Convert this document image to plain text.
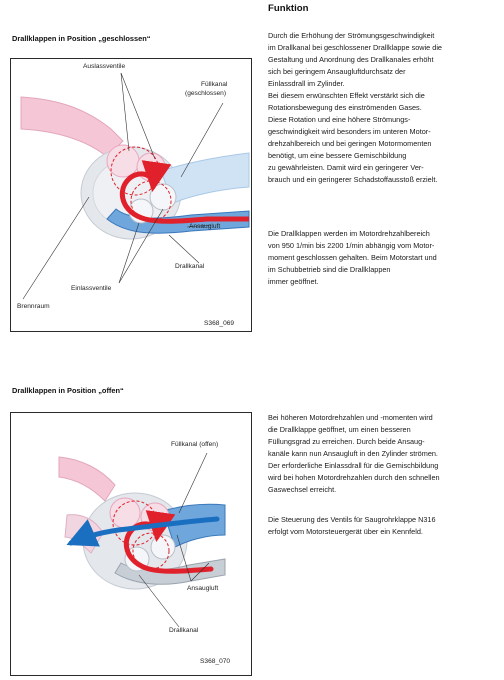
Funktion
Drallklappen in Position „geschlossen“
Auslassventile
Füllkanal
(geschlossen)
Ansaugluft
Drallkanal
Einlassventile
Brennraum
S368_069
Drallklappen in Position „offen“
Füllkanal (offen)
Ansaugluft
Drallkanal
S368_070
Durch die Erhöhung der Strömungsgeschwindigkeit
im Drallkanal bei geschlossener Drallklappe sowie die
Gestaltung und Anordnung des Drallkanales erhöht
sich bei geringem Ansaugluftdurchsatz der
Einlassdrall im Zylinder.
Bei diesem erwünschten Effekt verstärkt sich die
Rotationsbewegung des einströmenden Gases.
Diese Rotation und eine höhere Strömungs-
geschwindigkeit wird besonders im unteren Motor-
drehzahlbereich und bei geringen Motormomenten
benötigt, um eine bessere Gemischbildung
zu gewährleisten. Damit wird ein geringerer Ver-
brauch und ein geringerer Schadstoffausstoß erzielt.
Die Drallklappen werden im Motordrehzahlbereich
von 950 1/min bis 2200 1/min abhängig vom Motor-
moment geschlossen gehalten. Beim Motorstart und
im Schubbetrieb sind die Drallklappen
immer geöffnet.
Bei höheren Motordrehzahlen und -momenten wird
die Drallklappe geöffnet, um einen besseren
Füllungsgrad zu erreichen. Durch beide Ansaug-
kanäle kann nun Ansaugluft in den Zylinder strömen.
Der erforderliche Einlassdrall für die Gemischbildung
wird bei hohen Motordrehzahlen durch den schnellen
Gaswechsel erreicht.
Die Steuerung des Ventils für Saugrohrklappe N316
erfolgt vom Motorsteuergerät über ein Kennfeld.
